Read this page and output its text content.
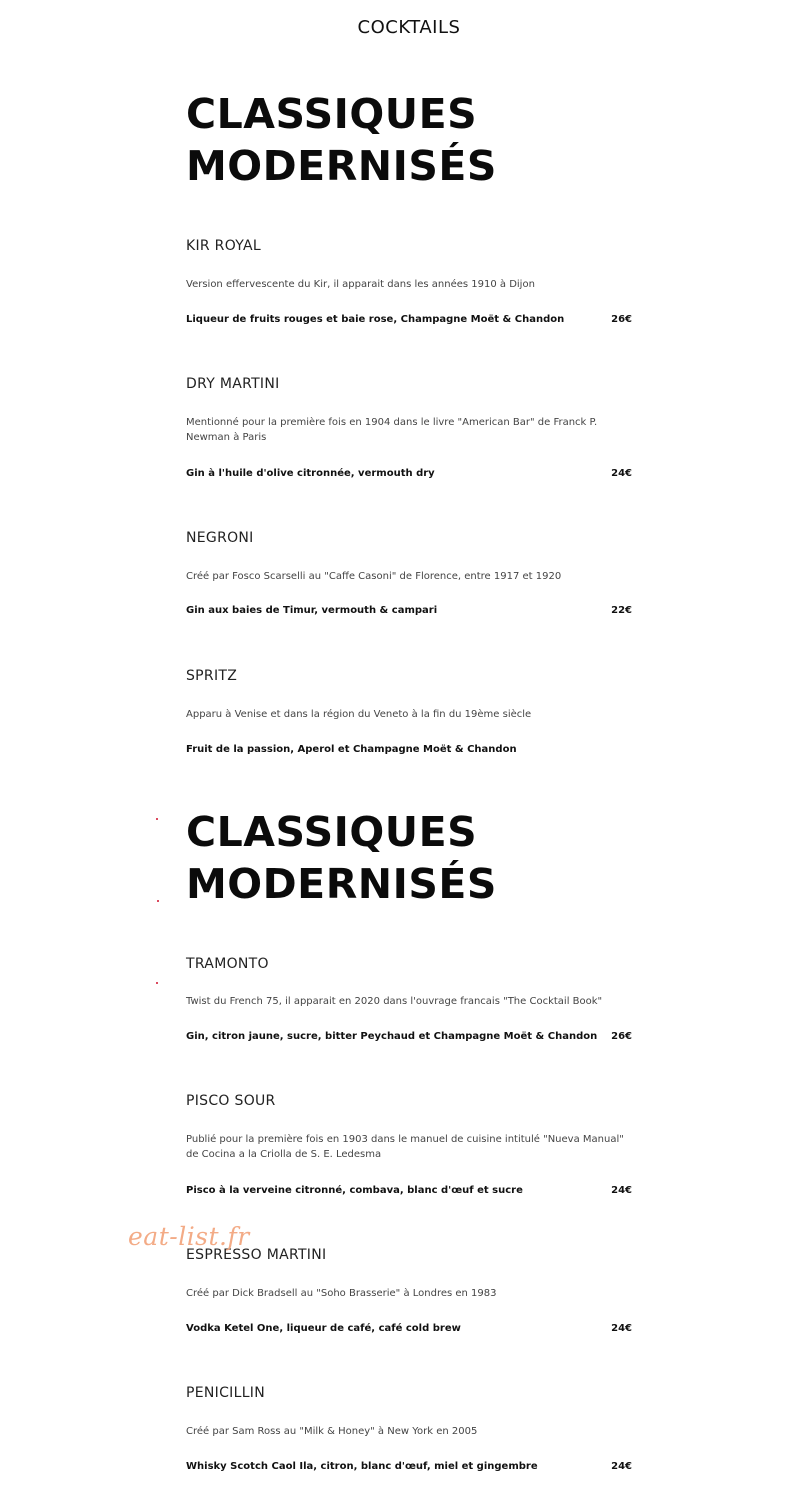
COCKTAILS
CLASSIQUES
MODERNISÉS
KIR ROYAL
Version effervescente du Kir, il apparait dans les années 1910 à Dijon
Liqueur de fruits rouges et baie rose, Champagne Moët & Chandon	26€
DRY MARTINI
Mentionné pour la première fois en 1904 dans le livre "American Bar" de Franck P. Newman à Paris
Gin à l'huile d'olive citronnée, vermouth dry	24€
NEGRONI
Créé par Fosco Scarselli au "Caffe Casoni" de Florence, entre 1917 et 1920
Gin aux baies de Timur, vermouth & campari	22€
SPRITZ
Apparu à Venise et dans la région du Veneto à la fin du 19ème siècle
Fruit de la passion, Aperol et Champagne Moët & Chandon
CLASSIQUES
MODERNISÉS
TRAMONTO
Twist du French 75, il apparait en 2020 dans l'ouvrage francais "The Cocktail Book"
Gin, citron jaune, sucre, bitter Peychaud et Champagne Moët & Chandon 26€
PISCO SOUR
Publié pour la première fois en 1903 dans le manuel de cuisine intitulé "Nueva Manual" de Cocina a la Criolla de S. E. Ledesma
Pisco à la verveine citronné, combava, blanc d'œuf et sucre	24€
ESPRESSO MARTINI
Créé par Dick Bradsell au "Soho Brasserie" à Londres en 1983
Vodka Ketel One, liqueur de café, café cold brew	24€
PENICILLIN
Créé par Sam Ross au "Milk & Honey" à New York en 2005
Whisky Scotch Caol Ila, citron, blanc d'œuf, miel et gingembre	24€
eat-list.fr
